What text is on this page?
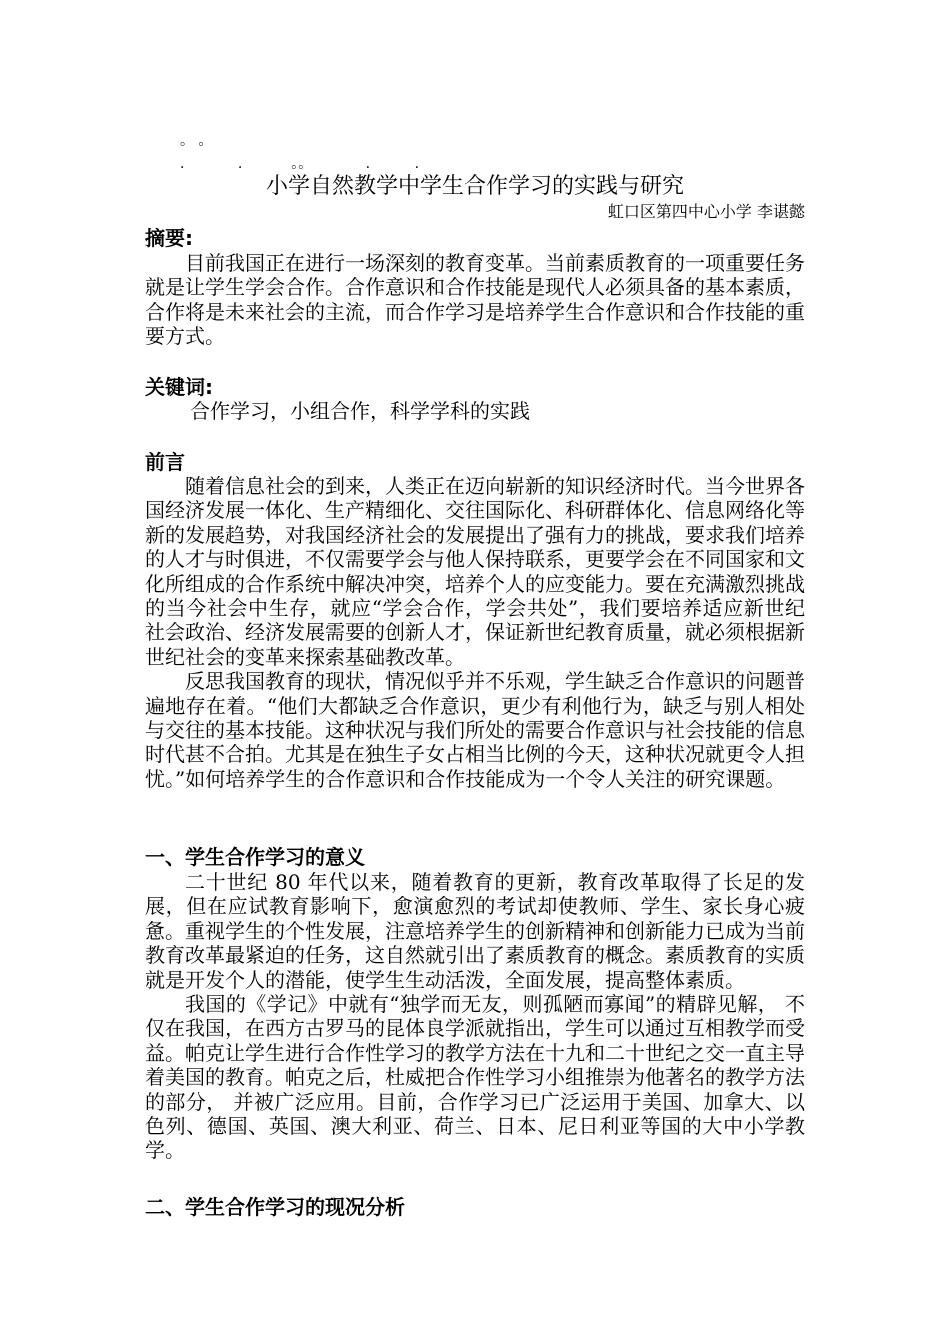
。 。
.            .           。。            .          .
小学自然教学中学生合作学习的实践与研究
虹口区第四中心小学 李谌懿
摘要:

目前我国正在进行一场深刻的教育变革。当前素质教育的一项重要任务就是让学生学会合作。合作意识和合作技能是现代人必须具备的基本素质，合作将是未来社会的主流，而合作学习是培养学生合作意识和合作技能的重要方式。

关键词:
合作学习，小组合作，科学学科的实践
前言

随着信息社会的到来，人类正在迈向崭新的知识经济时代。当今世界各国经济发展一体化、生产精细化、交往国际化、科研群体化、信息网络化等新的发展趋势，对我国经济社会的发展提出了强有力的挑战，要求我们培养的人才与时俱进，不仅需要学会与他人保持联系，更要学会在不同国家和文化所组成的合作系统中解决冲突，培养个人的应变能力。要在充满激烈挑战的当今社会中生存，就应“学会合作，学会共处”，我们要培养适应新世纪社会政治、经济发展需要的创新人才，保证新世纪教育质量，就必须根据新世纪社会的变革来探索基础教改革。

反思我国教育的现状，情况似乎并不乐观，学生缺乏合作意识的问题普遍地存在着。“他们大都缺乏合作意识，更少有利他行为，缺乏与别人相处与交往的基本技能。这种状况与我们所处的需要合作意识与社会技能的信息时代甚不合拍。尤其是在独生子女占相当比例的今天，这种状况就更令人担忧。”如何培养学生的合作意识和合作技能成为一个令人关注的研究课题。

一、学生合作学习的意义

二十世纪 80 年代以来，随着教育的更新，教育改革取得了长足的发展，但在应试教育影响下，愈演愈烈的考试却使教师、学生、家长身心疲惫。重视学生的个性发展，注意培养学生的创新精神和创新能力已成为当前教育改革最紧迫的任务，这自然就引出了素质教育的概念。素质教育的实质就是开发个人的潜能，使学生生动活泼，全面发展，提高整体素质。

我国的《学记》中就有“独学而无友，则孤陋而寡闻”的精辟见解， 不仅在我国，在西方古罗马的昆体良学派就指出，学生可以通过互相教学而受益。帕克让学生进行合作性学习的教学方法在十九和二十世纪之交一直主导着美国的教育。帕克之后，杜威把合作性学习小组推崇为他著名的教学方法的部分， 并被广泛应用。目前，合作学习已广泛运用于美国、加拿大、以色列、德国、英国、澳大利亚、荷兰、日本、尼日利亚等国的大中小学教学。

二、学生合作学习的现况分析
